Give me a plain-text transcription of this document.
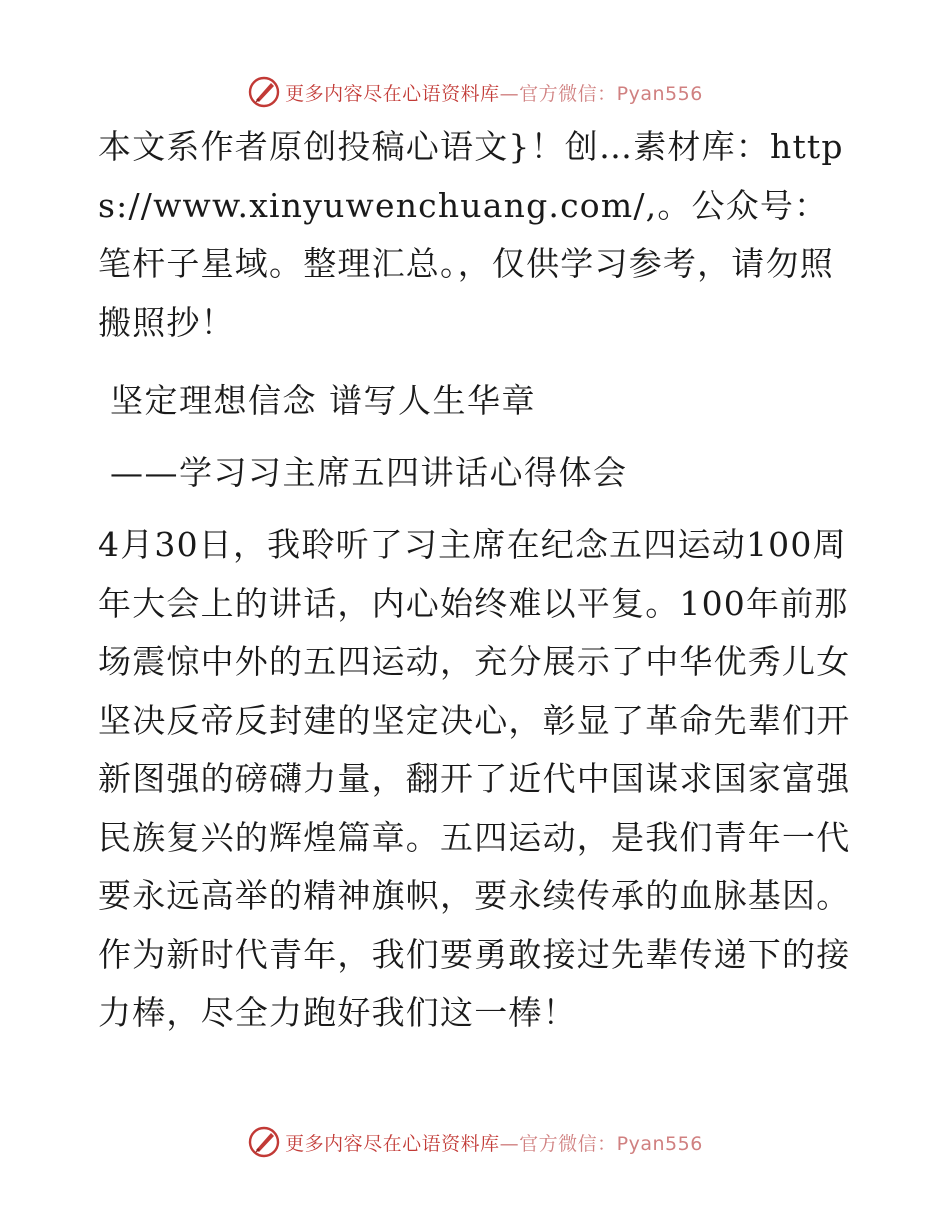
更多内容尽在心语资料库—官方微信：Pyan556

本文系作者原创投稿心语文}！创…素材库：https://www.xinyuwenchuang.com/,。公众号：笔杆子星域。整理汇总。，仅供学习参考，请勿照搬照抄！

坚定理想信念 谱写人生华章

——学习习主席五四讲话心得体会

4月30日，我聆听了习主席在纪念五四运动100周年大会上的讲话，内心始终难以平复。100年前那场震惊中外的五四运动，充分展示了中华优秀儿女坚决反帝反封建的坚定决心，彰显了革命先辈们开新图强的磅礴力量，翻开了近代中国谋求国家富强民族复兴的辉煌篇章。五四运动，是我们青年一代要永远高举的精神旗帜，要永续传承的血脉基因。作为新时代青年，我们要勇敢接过先辈传递下的接力棒，尽全力跑好我们这一棒！

更多内容尽在心语资料库—官方微信：Pyan556
